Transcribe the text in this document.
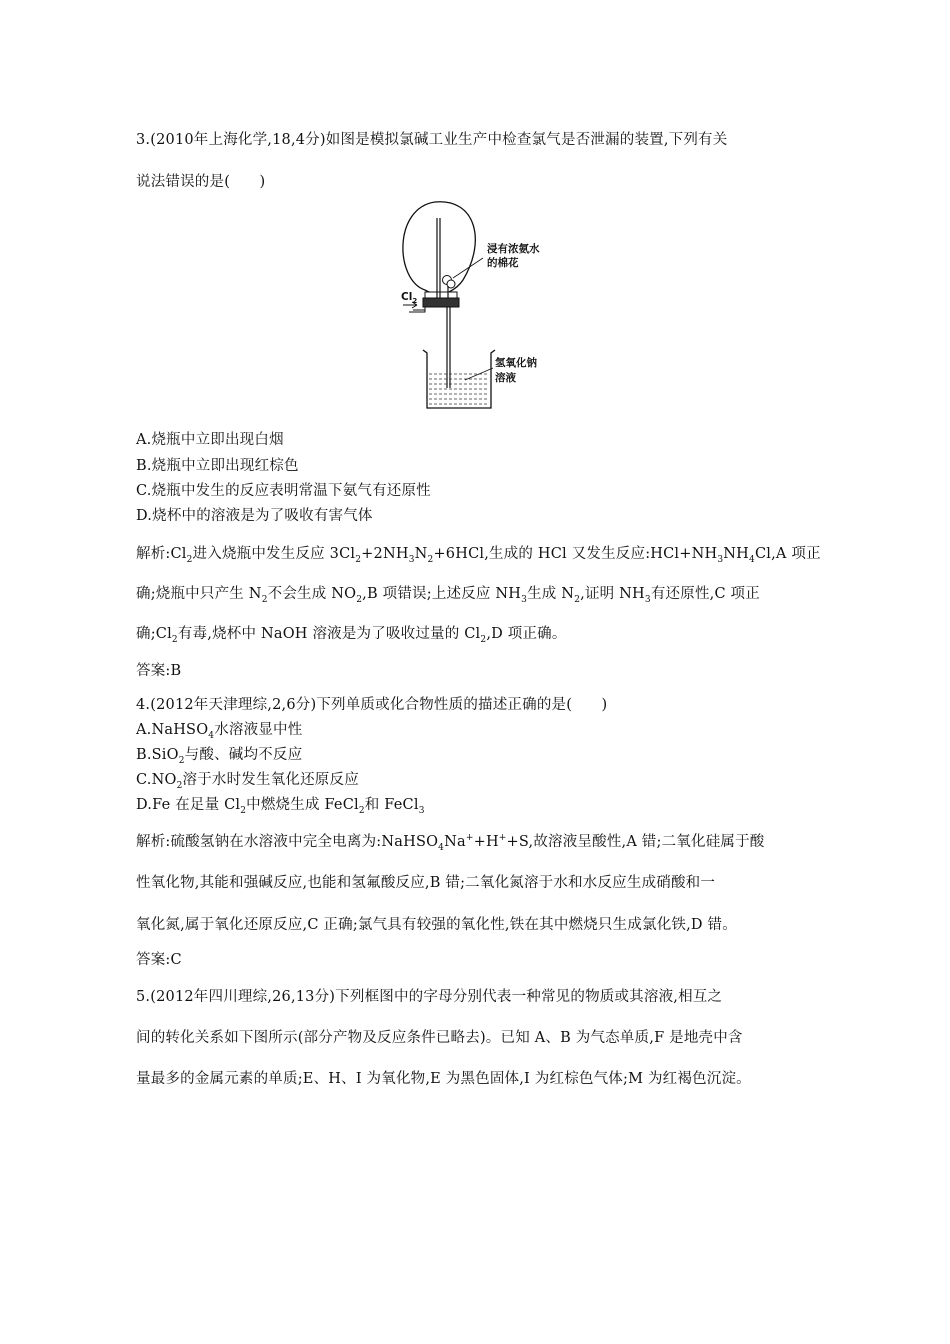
3.(2010年上海化学,18,4分)如图是模拟氯碱工业生产中检查氯气是否泄漏的装置,下列有关
说法错误的是(　　)
浸有浓氨水
的棉花
$Cl_2$
氢氧化钠
溶液
A.烧瓶中立即出现白烟
B.烧瓶中立即出现红棕色
C.烧瓶中发生的反应表明常温下氨气有还原性
D.烧杯中的溶液是为了吸收有害气体
解析$:Cl_2$进入烧瓶中发生反应 $3Cl_2+2NH_3N_2+6HCl$,生成的 HCl 又发生反应$:HCl+NH_3NH_4Cl,A$ 项正
确;烧瓶中只产生 $N_2$不会生成 $NO_2,B$ 项错误;上述反应 $NH_3$生成 $N_2$,证明 $NH_3$有还原性,C 项正
确$;Cl_2$有毒,烧杯中 NaOH 溶液是为了吸收过量的 $Cl_2,D$ 项正确。
答案:B
4.(2012年天津理综,2,6分)下列单质或化合物性质的描述正确的是(　　)
A.NaHSO$_4$水溶液显中性
B.SiO$_2$与酸、碱均不反应
$C.NO_2$溶于水时发生氧化还原反应
D.Fe 在足量 $Cl_2$中燃烧生成 FeCl$_2$和 FeCl$_3$
解析:硫酸氢钠在水溶液中完全电离为:NaHSO$_4$Na++H++S,故溶液呈酸性,A 错;二氧化硅属于酸
性氧化物,其能和强碱反应,也能和氢氟酸反应,B 错;二氧化氮溶于水和水反应生成硝酸和一
氧化氮,属于氧化还原反应,C 正确;氯气具有较强的氧化性,铁在其中燃烧只生成氯化铁,D 错。
答案:C
5.(2012年四川理综,26,13分)下列框图中的字母分别代表一种常见的物质或其溶液,相互之
间的转化关系如下图所示(部分产物及反应条件已略去)。已知 A、B 为气态单质,F 是地壳中含
量最多的金属元素的单质;E、H、I 为氧化物,E 为黑色固体,I 为红棕色气体;M 为红褐色沉淀。
